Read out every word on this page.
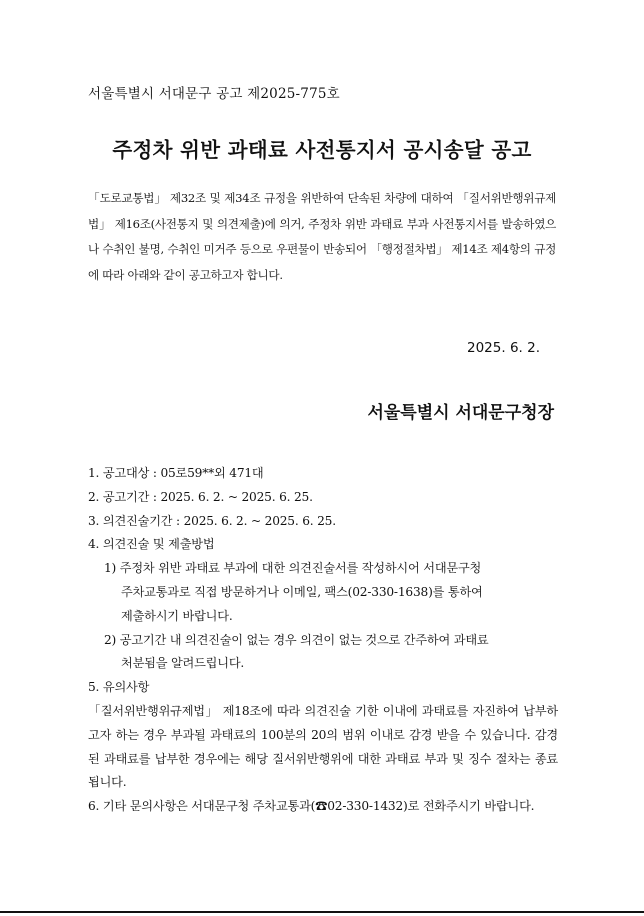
서울특별시 서대문구 공고 제2025-775호
주정차 위반 과태료 사전통지서 공시송달 공고
「도로교통법」 제32조 및 제34조 규정을 위반하여 단속된 차량에 대하여 「질서위반행위규제법」 제16조(사전통지 및 의견제출)에 의거, 주정차 위반 과태료 부과 사전통지서를 발송하였으나 수취인 불명, 수취인 미거주 등으로 우편물이 반송되어 「행정절차법」 제14조 제4항의 규정에 따라 아래와 같이 공고하고자 합니다.
2025. 6. 2.
서울특별시 서대문구청장
1. 공고대상 : 05로59**외 471대
2. 공고기간 : 2025. 6. 2. ~ 2025. 6. 25.
3. 의견진술기간 : 2025. 6. 2. ~ 2025. 6. 25.
4. 의견진술 및 제출방법
1) 주정차 위반 과태료 부과에 대한 의견진술서를 작성하시어 서대문구청
주차교통과로 직접 방문하거나 이메일, 팩스(02-330-1638)를 통하여
제출하시기 바랍니다.
2) 공고기간 내 의견진술이 없는 경우 의견이 없는 것으로 간주하여 과태료
처분됨을 알려드립니다.
5. 유의사항
「질서위반행위규제법」 제18조에 따라 의견진술 기한 이내에 과태료를 자진하여 납부하고자 하는 경우 부과될 과태료의 100분의 20의 범위 이내로 감경 받을 수 있습니다. 감경된 과태료를 납부한 경우에는 해당 질서위반행위에 대한 과태료 부과 및 징수 절차는 종료됩니다.
6. 기타 문의사항은 서대문구청 주차교통과(☎02-330-1432)로 전화주시기 바랍니다.
